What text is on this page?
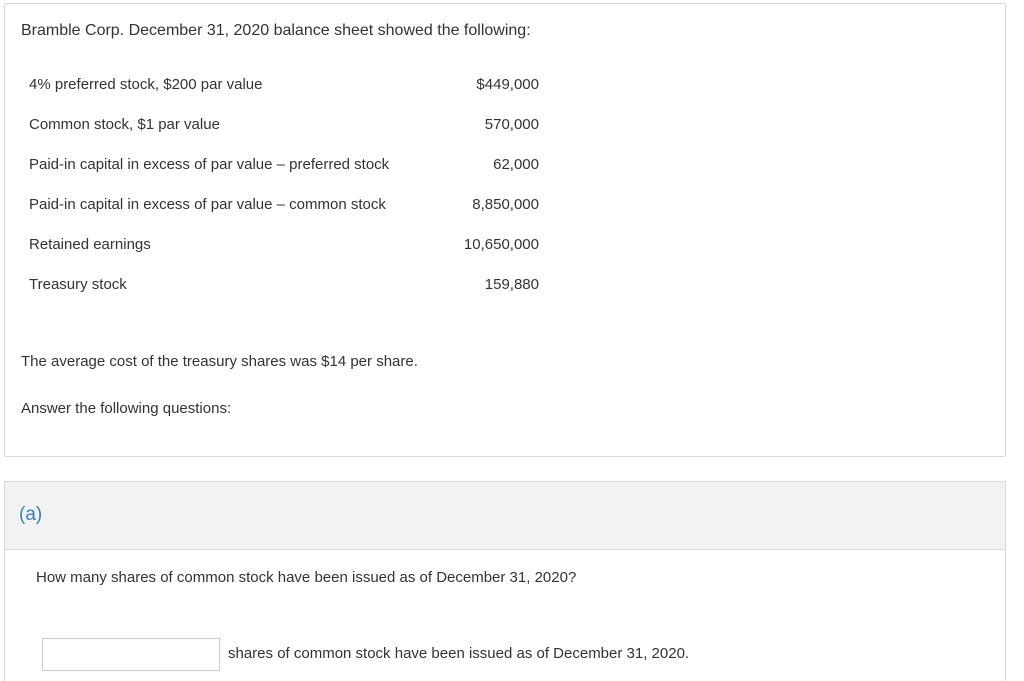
Bramble Corp. December 31, 2020 balance sheet showed the following:

4% preferred stock, $200 par value	$449,000
Common stock, $1 par value	570,000
Paid-in capital in excess of par value – preferred stock	62,000
Paid-in capital in excess of par value – common stock	8,850,000
Retained earnings	10,650,000
Treasury stock	159,880

The average cost of the treasury shares was $14 per share.

Answer the following questions:

(a)

How many shares of common stock have been issued as of December 31, 2020?

shares of common stock have been issued as of December 31, 2020.
